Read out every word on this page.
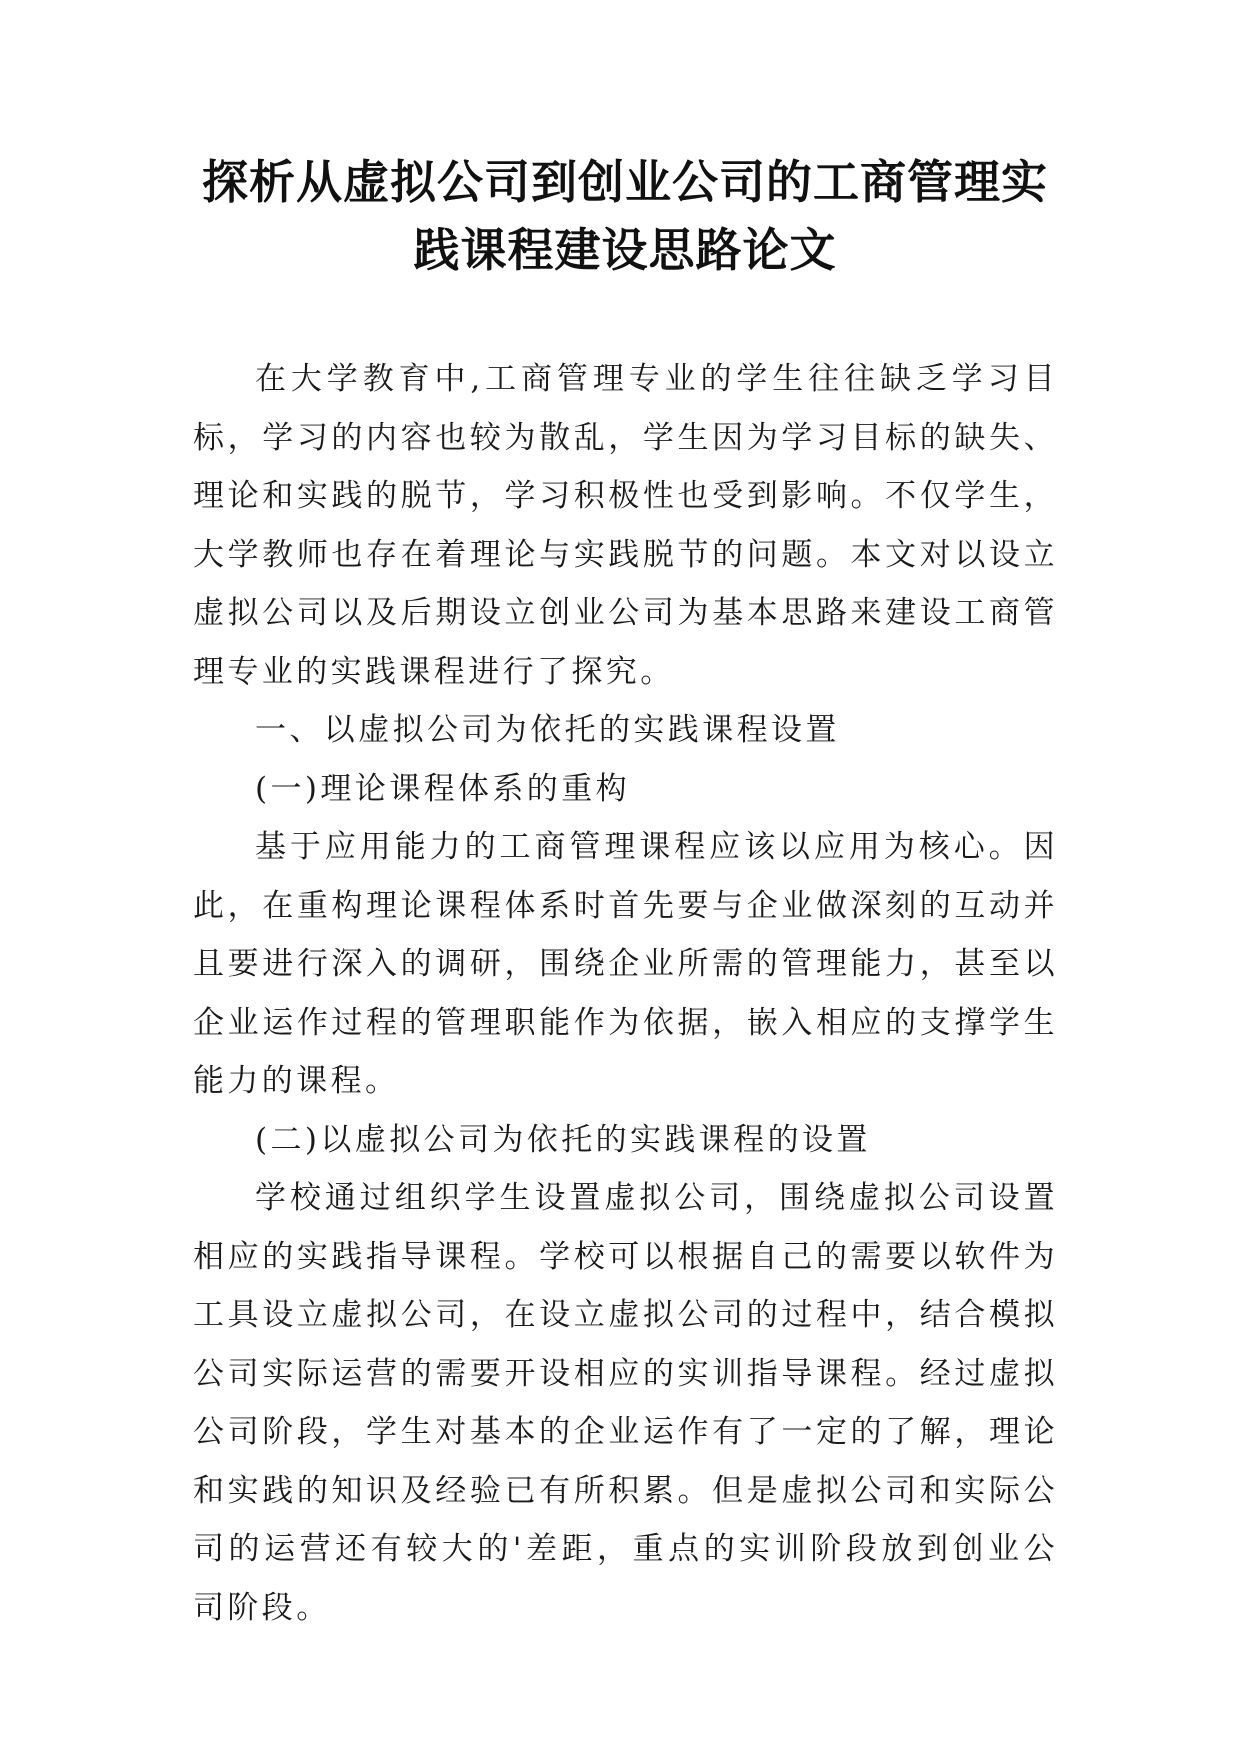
探析从虚拟公司到创业公司的工商管理实
践课程建设思路论文

在大学教育中,工商管理专业的学生往往缺乏学习目标，学习的内容也较为散乱，学生因为学习目标的缺失、理论和实践的脱节，学习积极性也受到影响。不仅学生，大学教师也存在着理论与实践脱节的问题。本文对以设立虚拟公司以及后期设立创业公司为基本思路来建设工商管理专业的实践课程进行了探究。

一、以虚拟公司为依托的实践课程设置

(一)理论课程体系的重构

基于应用能力的工商管理课程应该以应用为核心。因此，在重构理论课程体系时首先要与企业做深刻的互动并且要进行深入的调研，围绕企业所需的管理能力，甚至以企业运作过程的管理职能作为依据，嵌入相应的支撑学生能力的课程。

(二)以虚拟公司为依托的实践课程的设置

学校通过组织学生设置虚拟公司，围绕虚拟公司设置相应的实践指导课程。学校可以根据自己的需要以软件为工具设立虚拟公司，在设立虚拟公司的过程中，结合模拟公司实际运营的需要开设相应的实训指导课程。经过虚拟公司阶段，学生对基本的企业运作有了一定的了解，理论和实践的知识及经验已有所积累。但是虚拟公司和实际公司的运营还有较大的'差距，重点的实训阶段放到创业公司阶段。
